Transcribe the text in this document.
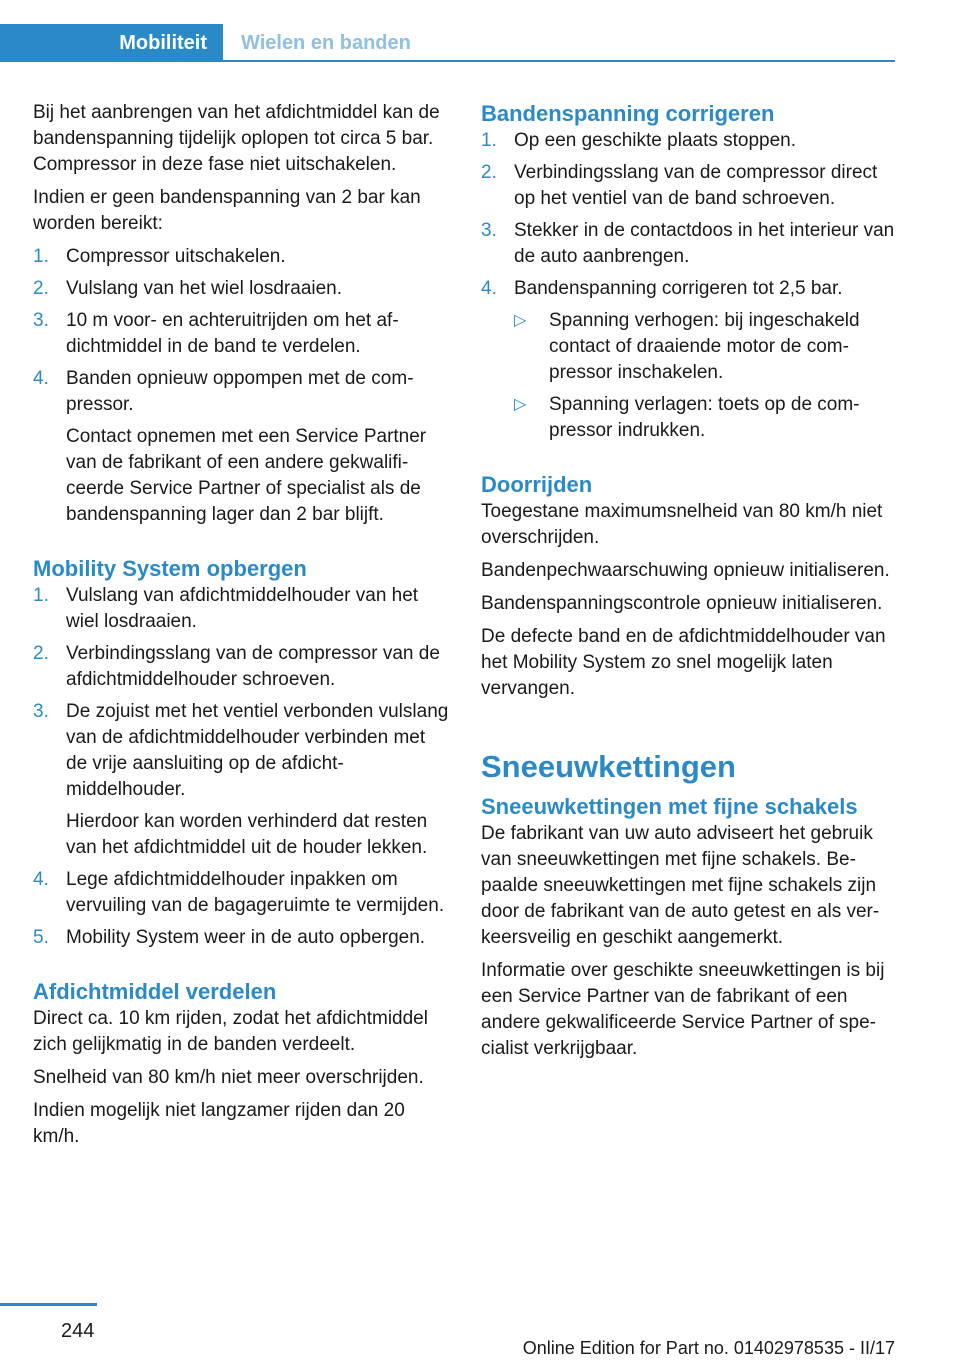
Mobiliteit	Wielen en banden

Bij het aanbrengen van het afdichtmiddel kan de bandenspanning tijdelijk oplopen tot circa 5 bar. Compressor in deze fase niet uitschakelen.

Indien er geen bandenspanning van 2 bar kan worden bereikt:

1. Compressor uitschakelen.
2. Vulslang van het wiel losdraaien.
3. 10 m voor- en achteruitrijden om het afdichtmiddel in de band te verdelen.
4. Banden opnieuw oppompen met de compressor.

Contact opnemen met een Service Partner van de fabrikant of een andere gekwalificeerde Service Partner of specialist als de bandenspanning lager dan 2 bar blijft.

Mobility System opbergen
1. Vulslang van afdichtmiddelhouder van het wiel losdraaien.
2. Verbindingsslang van de compressor van de afdichtmiddelhouder schroeven.
3. De zojuist met het ventiel verbonden vulslang van de afdichtmiddelhouder verbinden met de vrije aansluiting op de afdichtmiddelhouder.

Hierdoor kan worden verhinderd dat resten van het afdichtmiddel uit de houder lekken.

4. Lege afdichtmiddelhouder inpakken om vervuiling van de bagageruimte te vermijden.
5. Mobility System weer in de auto opbergen.
Afdichtmiddel verdelen

Direct ca. 10 km rijden, zodat het afdichtmiddel zich gelijkmatig in de banden verdeelt.

Snelheid van 80 km/h niet meer overschrijden.

Indien mogelijk niet langzamer rijden dan 20 km/h.

Bandenspanning corrigeren
1. Op een geschikte plaats stoppen.
2. Verbindingsslang van de compressor direct op het ventiel van de band schroeven.
3. Stekker in de contactdoos in het interieur van de auto aanbrengen.
4. Bandenspanning corrigeren tot 2,5 bar.
▷ Spanning verhogen: bij ingeschakeld contact of draaiende motor de compressor inschakelen.
▷ Spanning verlagen: toets op de compressor indrukken.
Doorrijden

Toegestane maximumsnelheid van 80 km/h niet overschrijden.

Bandenpechwaarschuwing opnieuw initialiseren.

Bandenspanningscontrole opnieuw initialiseren.

De defecte band en de afdichtmiddelhouder van het Mobility System zo snel mogelijk laten vervangen.

Sneeuwkettingen
Sneeuwkettingen met fijne schakels

De fabrikant van uw auto adviseert het gebruik van sneeuwkettingen met fijne schakels. Bepaalde sneeuwkettingen met fijne schakels zijn door de fabrikant van de auto getest en als verkeersveilig en geschikt aangemerkt.

Informatie over geschikte sneeuwkettingen is bij een Service Partner van de fabrikant of een andere gekwalificeerde Service Partner of specialist verkrijgbaar.

244
Online Edition for Part no. 01402978535 - II/17
